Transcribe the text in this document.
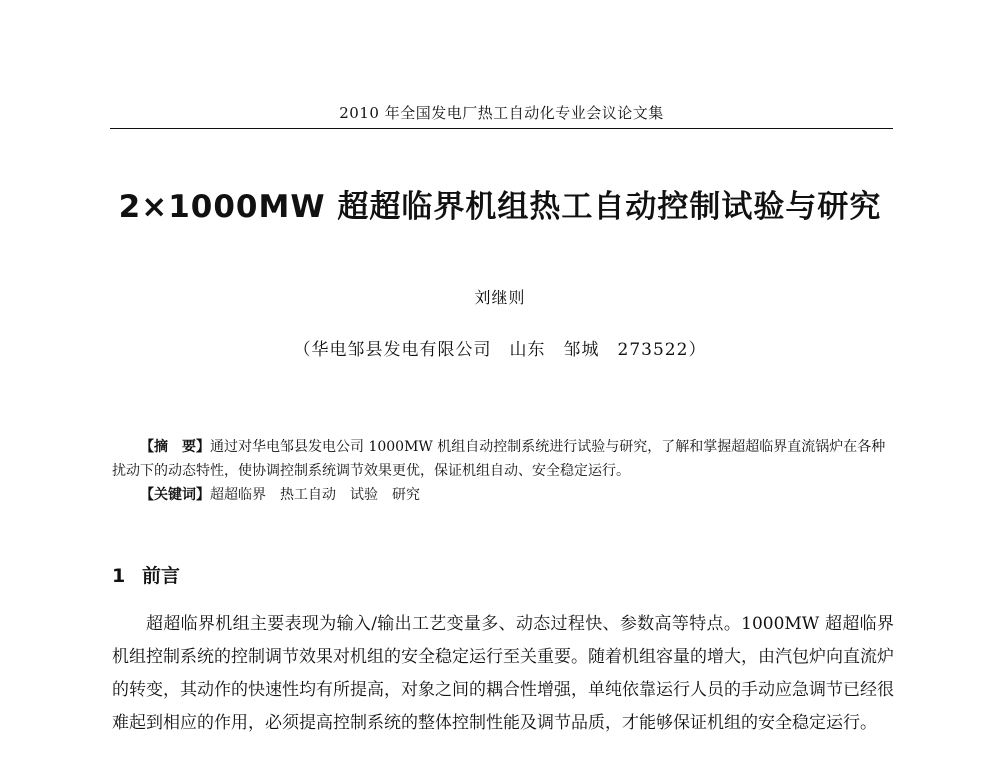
2010 年全国发电厂热工自动化专业会议论文集
2×1000MW 超超临界机组热工自动控制试验与研究
刘继则
（华电邹县发电有限公司　山东　邹城　273522）

【摘　要】通过对华电邹县发电公司 1000MW 机组自动控制系统进行试验与研究，了解和掌握超超临界直流锅炉在各种扰动下的动态特性，使协调控制系统调节效果更优，保证机组自动、安全稳定运行。

【关键词】超超临界　热工自动　试验　研究

1 前言

超超临界机组主要表现为输入/输出工艺变量多、动态过程快、参数高等特点。1000MW 超超临界机组控制系统的控制调节效果对机组的安全稳定运行至关重要。随着机组容量的增大，由汽包炉向直流炉的转变，其动作的快速性均有所提高，对象之间的耦合性增强，单纯依靠运行人员的手动应急调节已经很难起到相应的作用，必须提高控制系统的整体控制性能及调节品质，才能够保证机组的安全稳定运行。
